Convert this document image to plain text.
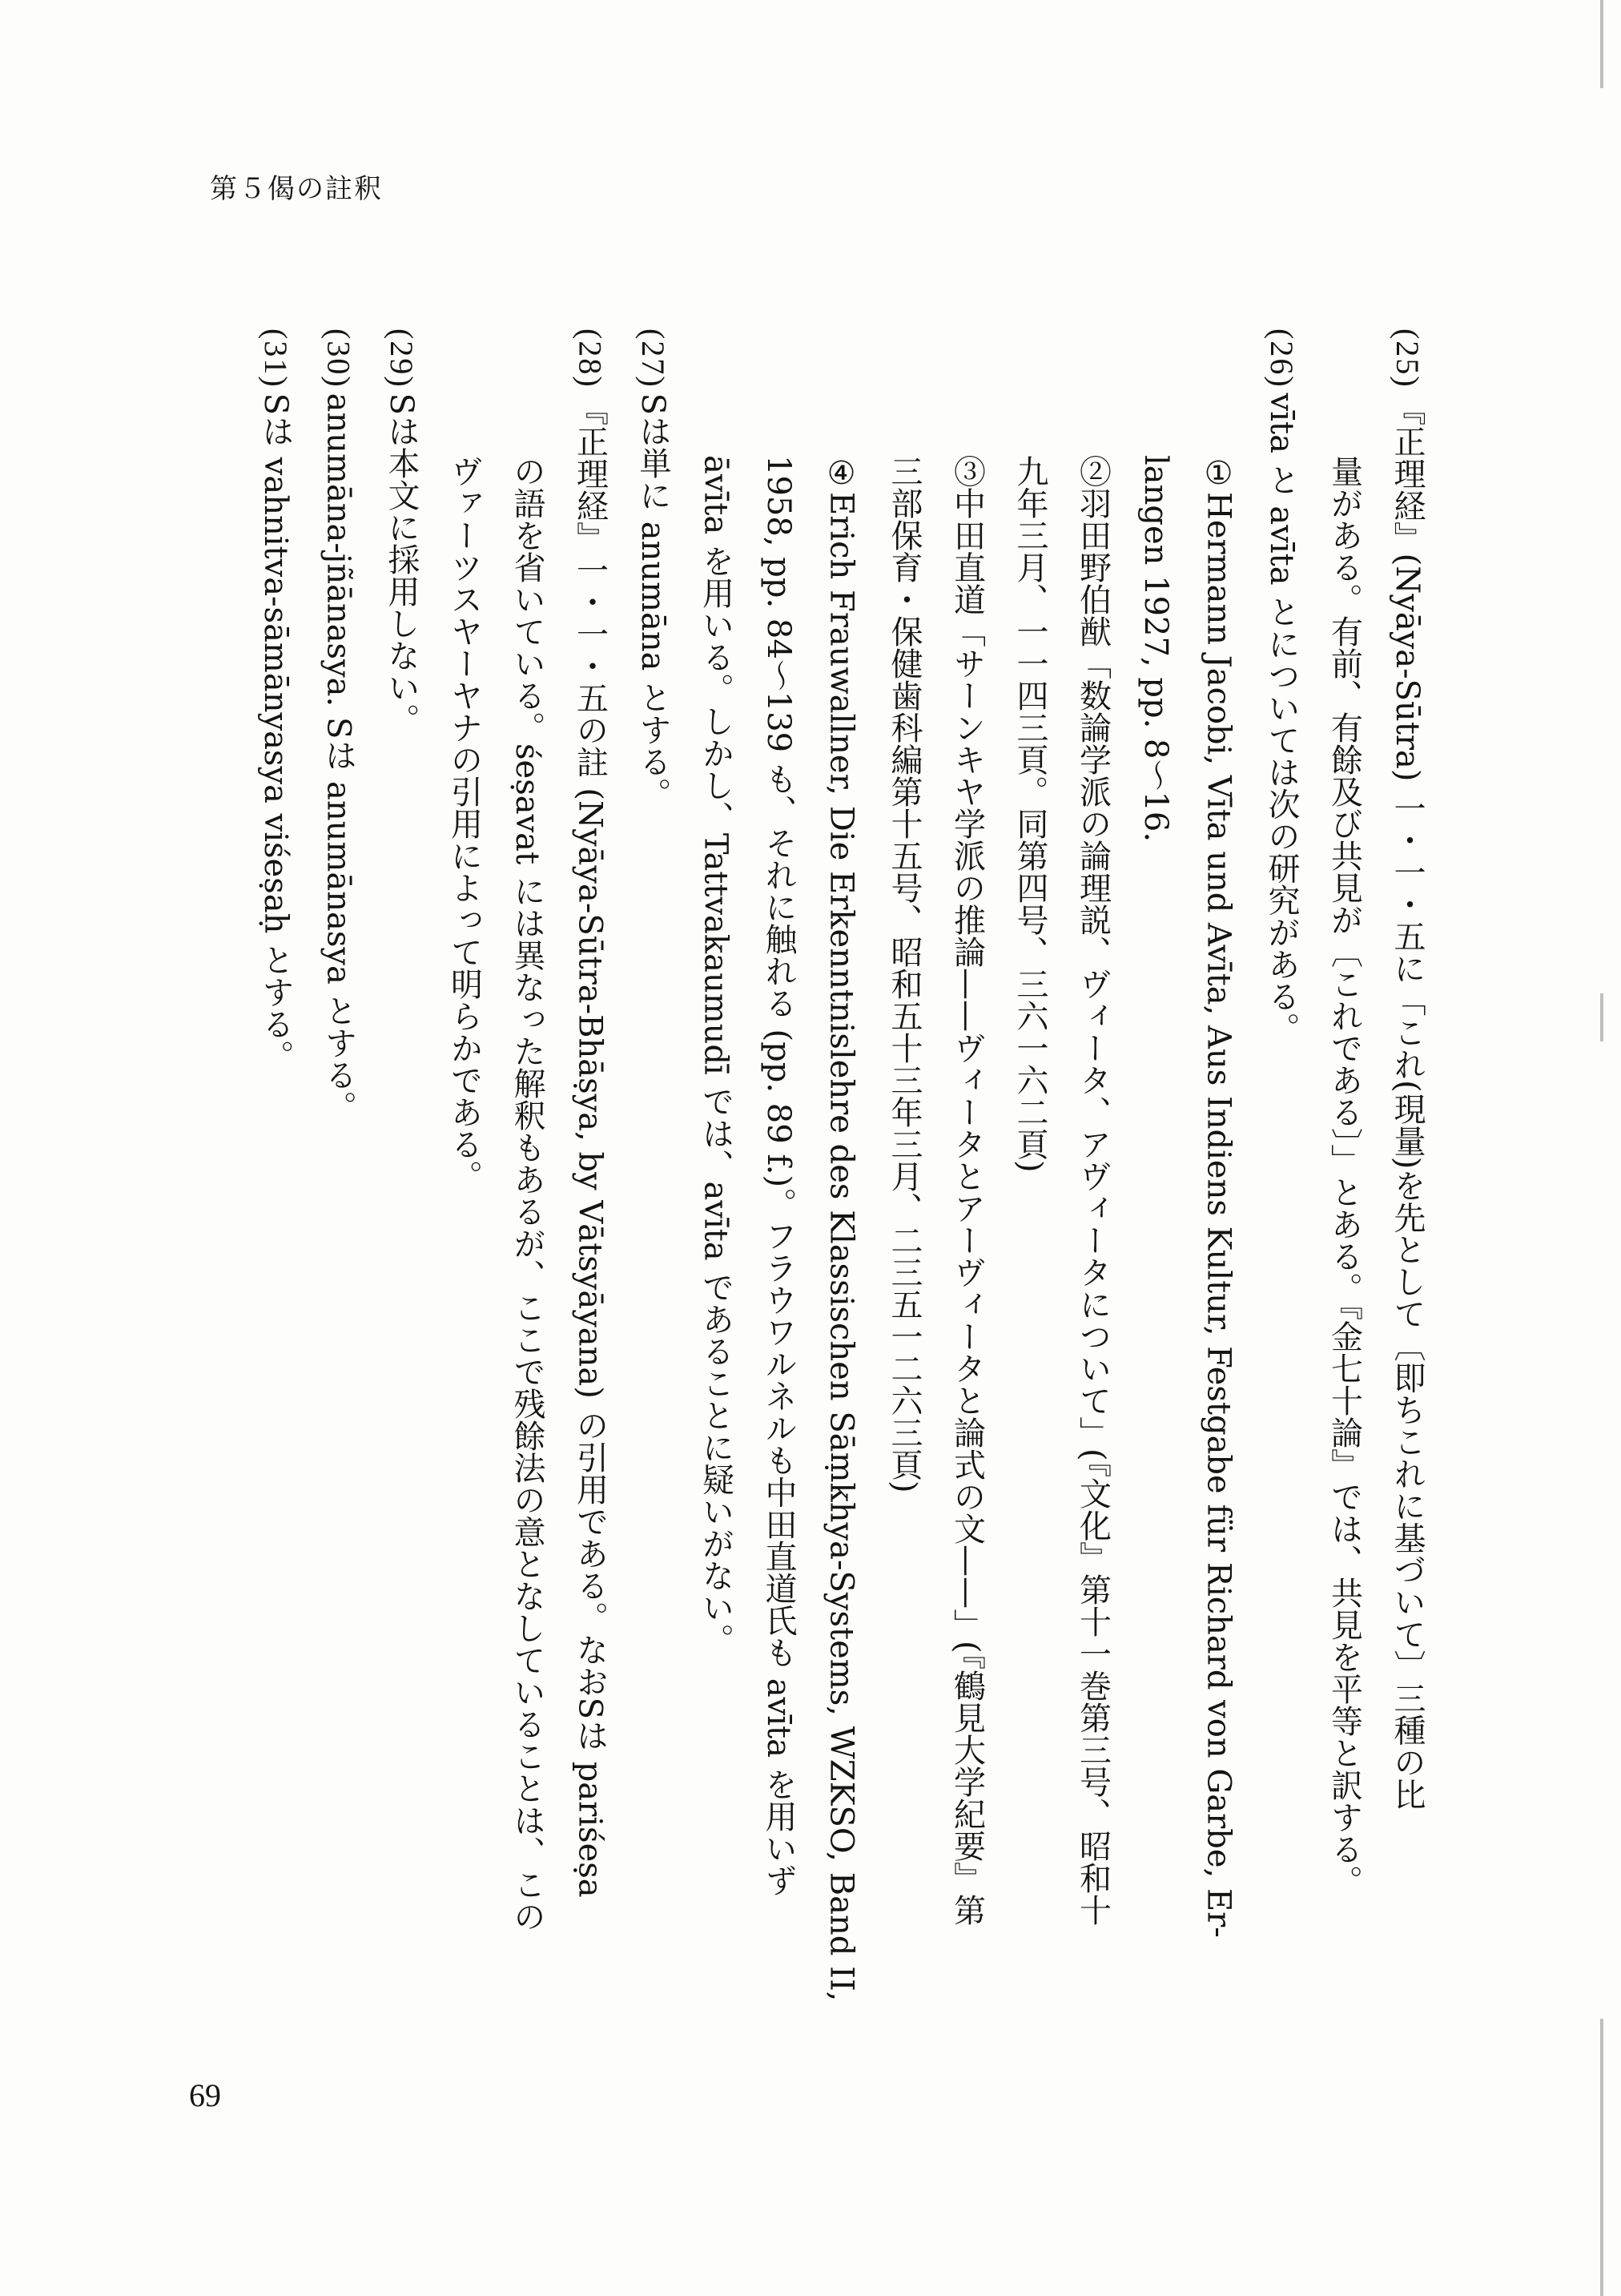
第５偈の註釈
(25)『正理経』(Nyāya-Sūtra) 一・一・五に「これ(現量)を先として〔即ちこれに基づいて〕三種の比
量がある。有前、有餘及び共見が〔これである〕」とある。『金七十論』では、共見を平等と訳する。
(26)vīta と avīta とについては次の研究がある。
①Hermann Jacobi, Vīta und Avīta, Aus Indiens Kultur, Festgabe für Richard von Garbe, Er-
langen 1927, pp. 8〜16.
②羽田野伯猷「数論学派の論理説、ヴィータ、アヴィータについて」(『文化』第十一巻第三号、昭和十
九年三月、一一四三頁。同第四号、三六一六二頁)
③中田直道「サーンキヤ学派の推論——ヴィータとアーヴィータと論式の文——」(『鶴見大学紀要』第
三部保育・保健歯科編第十五号、昭和五十三年三月、二三五一二六三頁)
④Erich Frauwallner, Die Erkenntnislehre des Klassischen Sāṃkhya-Systems, WZKSO, Band II,
1958, pp. 84〜139 も、それに触れる (pp. 89 f.)。フラウワルネルも中田直道氏も avīta を用いず
āvīta を用いる。しかし、Tattvakaumudī では、avīta であることに疑いがない。
(27)Sは単に anumāna とする。
(28)『正理経』一・一・五の註 (Nyāya-Sūtra-Bhāṣya, by Vātsyāyana) の引用である。なおSは pariśeṣa
の語を省いている。śeṣavat には異なった解釈もあるが、ここで残餘法の意となしていることは、この
ヴァーツスヤーヤナの引用によって明らかである。
(29)Sは本文に採用しない。
(30)anumāna-jñānasya. Sは anumānasya とする。
(31)Sは vahnitva-sāmānyasya viśeṣaḥ とする。
69
